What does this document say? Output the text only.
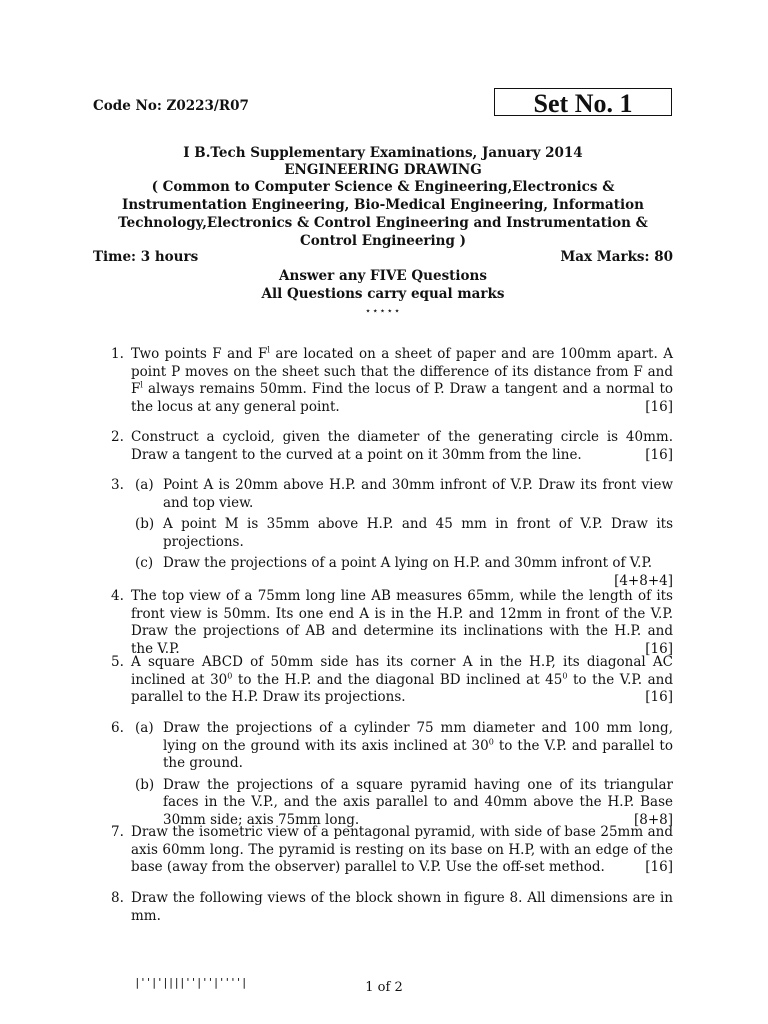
Code No: Z0223/R07	Set No. 1
I B.Tech Supplementary Examinations, January 2014
ENGINEERING DRAWING
( Common to Computer Science & Engineering,Electronics & Instrumentation Engineering, Bio-Medical Engineering, Information Technology,Electronics & Control Engineering and Instrumentation & Control Engineering )
Time: 3 hours	Max Marks: 80
Answer any FIVE Questions
All Questions carry equal marks
⋆⋆⋆⋆⋆
1. Two points F and $F^l$ are located on a sheet of paper and are 100mm apart. A point P moves on the sheet such that the difference of its distance from F and $F^l$ always remains 50mm. Find the locus of P. Draw a tangent and a normal to the locus at any general point.	[16]
2. Construct a cycloid, given the diameter of the generating circle is 40mm. Draw a tangent to the curved at a point on it 30mm from the line.	[16]
3. (a) Point A is 20mm above H.P. and 30mm infront of V.P. Draw its front view and top view.
(b) A point M is 35mm above H.P. and 45 mm in front of V.P. Draw its projections.
(c) Draw the projections of a point A lying on H.P. and 30mm infront of V.P.
[4+8+4]
4. The top view of a 75mm long line AB measures 65mm, while the length of its front view is 50mm. Its one end A is in the H.P. and 12mm in front of the V.P. Draw the projections of AB and determine its inclinations with the H.P. and the V.P.	[16]
5. A square ABCD of 50mm side has its corner A in the H.P, its diagonal AC inclined at $30^0$ to the H.P. and the diagonal BD inclined at $45^0$ to the V.P. and parallel to the H.P. Draw its projections.	[16]
6. (a) Draw the projections of a cylinder 75 mm diameter and 100 mm long, lying on the ground with its axis inclined at $30^0$ to the V.P. and parallel to the ground.
(b) Draw the projections of a square pyramid having one of its triangular faces in the V.P., and the axis parallel to and 40mm above the H.P. Base 30mm side; axis 75mm long.	[8+8]
7. Draw the isometric view of a pentagonal pyramid, with side of base 25mm and axis 60mm long. The pyramid is resting on its base on H.P, with an edge of the base (away from the observer) parallel to V.P. Use the off-set method.	[16]
8. Draw the following views of the block shown in figure 8. All dimensions are in mm.
|''|'||||''|''|''''|	1 of 2
